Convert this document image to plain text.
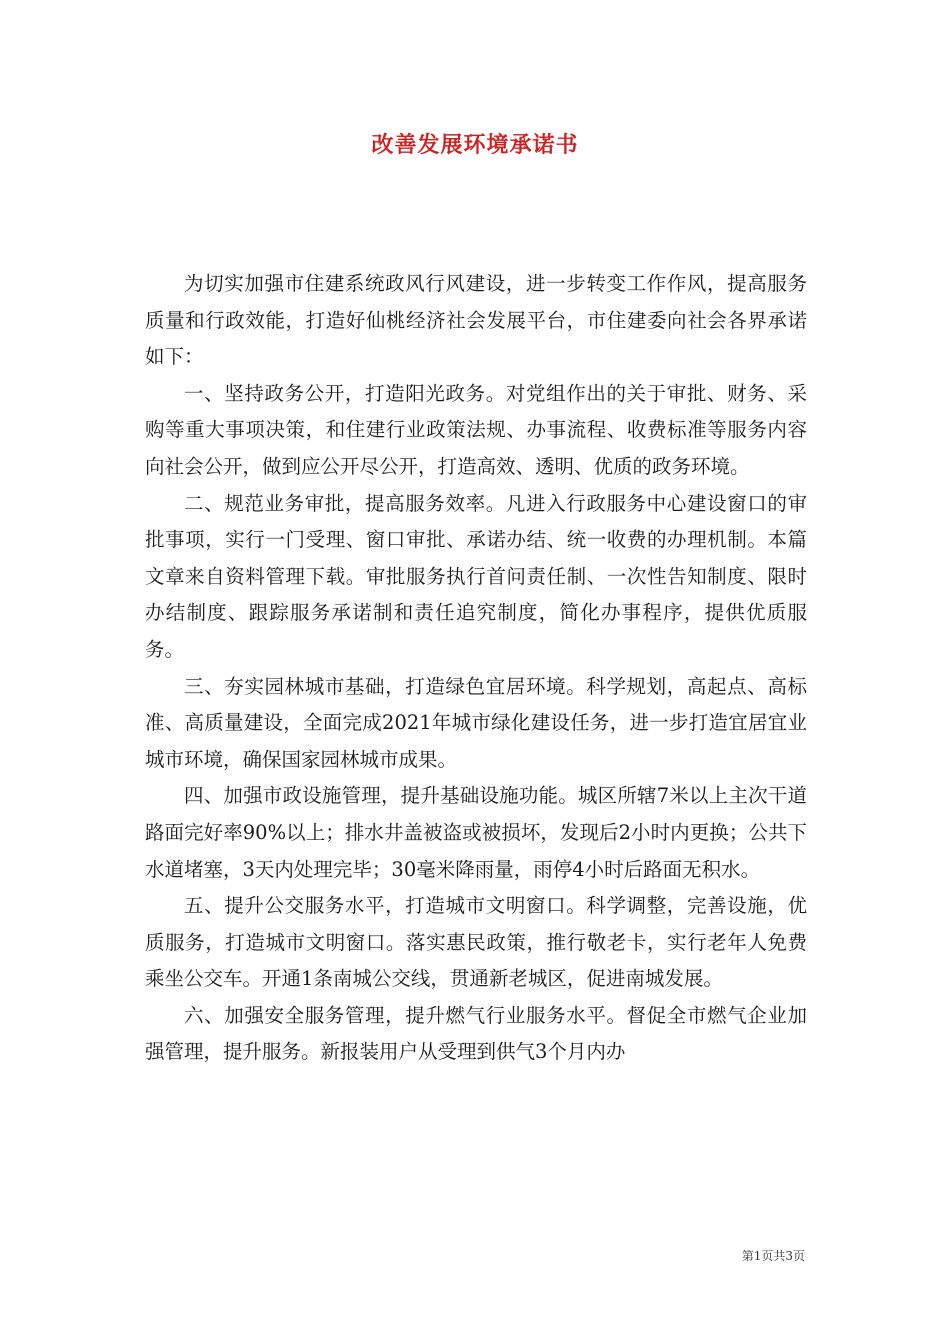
改善发展环境承诺书

为切实加强市住建系统政风行风建设，进一步转变工作作风，提高服务质量和行政效能，打造好仙桃经济社会发展平台，市住建委向社会各界承诺如下：

一、坚持政务公开，打造阳光政务。对党组作出的关于审批、财务、采购等重大事项决策，和住建行业政策法规、办事流程、收费标准等服务内容向社会公开，做到应公开尽公开，打造高效、透明、优质的政务环境。

二、规范业务审批，提高服务效率。凡进入行政服务中心建设窗口的审批事项，实行一门受理、窗口审批、承诺办结、统一收费的办理机制。本篇文章来自资料管理下载。审批服务执行首问责任制、一次性告知制度、限时办结制度、跟踪服务承诺制和责任追究制度，简化办事程序，提供优质服务。

三、夯实园林城市基础，打造绿色宜居环境。科学规划，高起点、高标准、高质量建设，全面完成2021年城市绿化建设任务，进一步打造宜居宜业城市环境，确保国家园林城市成果。

四、加强市政设施管理，提升基础设施功能。城区所辖7米以上主次干道路面完好率90%以上；排水井盖被盗或被损坏，发现后2小时内更换；公共下水道堵塞，3天内处理完毕；30毫米降雨量，雨停4小时后路面无积水。

五、提升公交服务水平，打造城市文明窗口。科学调整，完善设施，优质服务，打造城市文明窗口。落实惠民政策，推行敬老卡，实行老年人免费乘坐公交车。开通1条南城公交线，贯通新老城区，促进南城发展。

六、加强安全服务管理，提升燃气行业服务水平。督促全市燃气企业加强管理，提升服务。新报装用户从受理到供气3个月内办

第1页共3页
